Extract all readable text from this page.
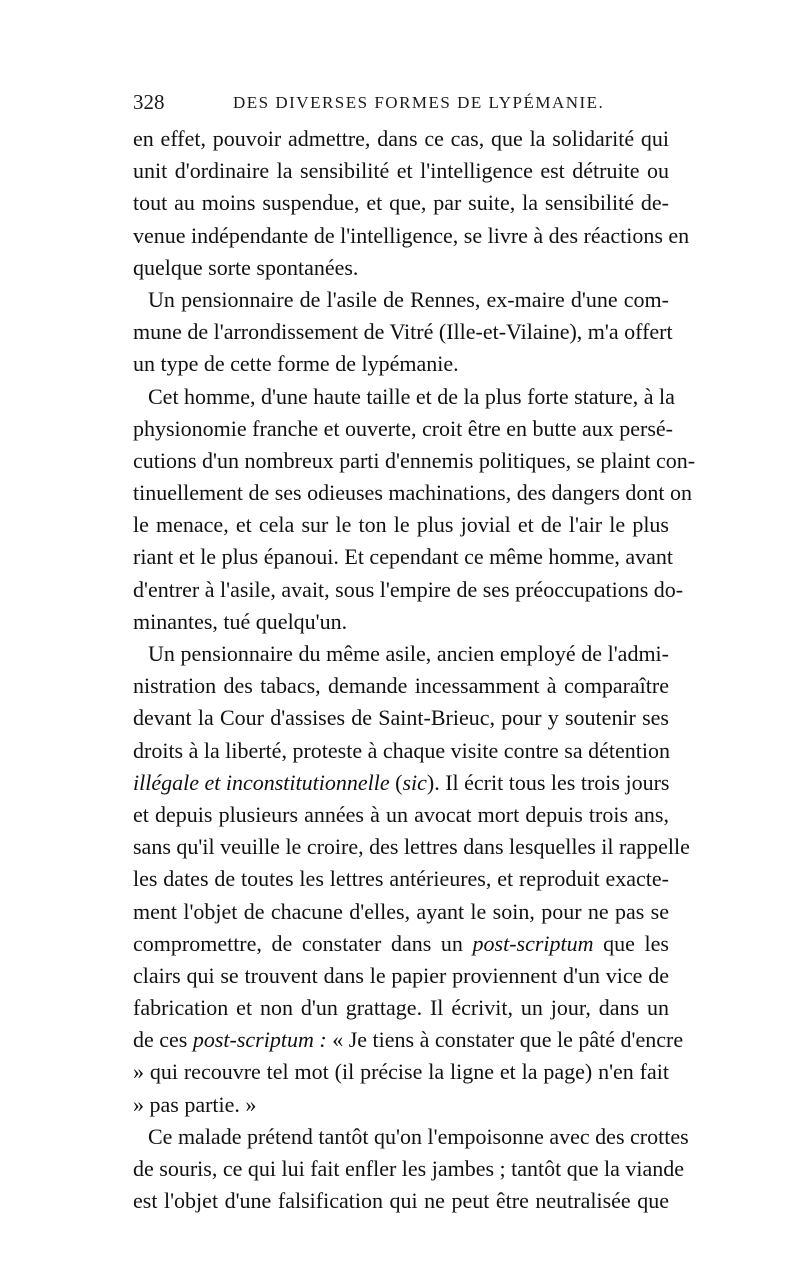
328	DES DIVERSES FORMES DE LYPÉMANIE.
en effet, pouvoir admettre, dans ce cas, que la solidarité qui
unit d'ordinaire la sensibilité et l'intelligence est détruite ou
tout au moins suspendue, et que, par suite, la sensibilité de-
venue indépendante de l'intelligence, se livre à des réactions en
quelque sorte spontanées.
Un pensionnaire de l'asile de Rennes, ex-maire d'une com-
mune de l'arrondissement de Vitré (Ille-et-Vilaine), m'a offert
un type de cette forme de lypémanie.
Cet homme, d'une haute taille et de la plus forte stature, à la
physionomie franche et ouverte, croit être en butte aux persé-
cutions d'un nombreux parti d'ennemis politiques, se plaint con-
tinuellement de ses odieuses machinations, des dangers dont on
le menace, et cela sur le ton le plus jovial et de l'air le plus
riant et le plus épanoui. Et cependant ce même homme, avant
d'entrer à l'asile, avait, sous l'empire de ses préoccupations do-
minantes, tué quelqu'un.
Un pensionnaire du même asile, ancien employé de l'admi-
nistration des tabacs, demande incessamment à comparaître
devant la Cour d'assises de Saint-Brieuc, pour y soutenir ses
droits à la liberté, proteste à chaque visite contre sa détention
illégale et inconstitutionnelle (sic). Il écrit tous les trois jours
et depuis plusieurs années à un avocat mort depuis trois ans,
sans qu'il veuille le croire, des lettres dans lesquelles il rappelle
les dates de toutes les lettres antérieures, et reproduit exacte-
ment l'objet de chacune d'elles, ayant le soin, pour ne pas se
compromettre, de constater dans un post-scriptum que les
clairs qui se trouvent dans le papier proviennent d'un vice de
fabrication et non d'un grattage. Il écrivit, un jour, dans un
de ces post-scriptum : « Je tiens à constater que le pâté d'encre
» qui recouvre tel mot (il précise la ligne et la page) n'en fait
» pas partie. »
Ce malade prétend tantôt qu'on l'empoisonne avec des crottes
de souris, ce qui lui fait enfler les jambes ; tantôt que la viande
est l'objet d'une falsification qui ne peut être neutralisée que
